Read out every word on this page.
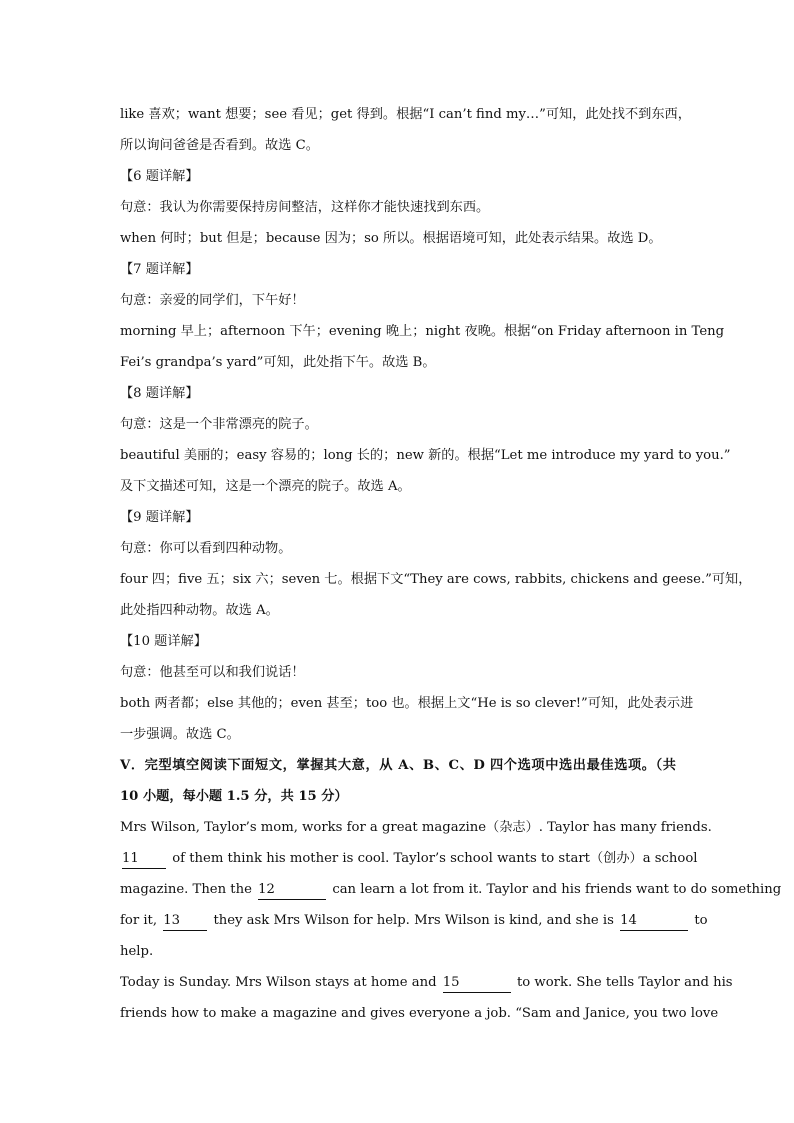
like 喜欢；want 想要；see 看见；get 得到。根据“I can’t find my…”可知，此处找不到东西，
所以询问爸爸是否看到。故选 C。
【6 题详解】
句意：我认为你需要保持房间整洁，这样你才能快速找到东西。
when 何时；but 但是；because 因为；so 所以。根据语境可知，此处表示结果。故选 D。
【7 题详解】
句意：亲爱的同学们，下午好！
morning 早上；afternoon 下午；evening 晚上；night 夜晚。根据“on Friday afternoon in Teng
Fei’s grandpa’s yard”可知，此处指下午。故选 B。
【8 题详解】
句意：这是一个非常漂亮的院子。
beautiful 美丽的；easy 容易的；long 长的；new 新的。根据“Let me introduce my yard to you.”
及下文描述可知，这是一个漂亮的院子。故选 A。
【9 题详解】
句意：你可以看到四种动物。
four 四；five 五；six 六；seven 七。根据下文“They are cows, rabbits, chickens and geese.”可知，
此处指四种动物。故选 A。
【10 题详解】
句意：他甚至可以和我们说话！
both 两者都；else 其他的；even 甚至；too 也。根据上文“He is so clever!”可知，此处表示进
一步强调。故选 C。
Ⅴ．完型填空阅读下面短文，掌握其大意，从 A、B、C、D 四个选项中选出最佳选项。（共
10 小题，每小题 1.5 分，共 15 分）
Mrs Wilson, Taylor’s mom, works for a great magazine（杂志）. Taylor has many friends.
11	of them think his mother is cool. Taylor’s school wants to start（创办）a school
magazine. Then the 12	can learn a lot from it. Taylor and his friends want to do something
for it, 13	they ask Mrs Wilson for help. Mrs Wilson is kind, and she is 14	to
help.
Today is Sunday. Mrs Wilson stays at home and 15	to work. She tells Taylor and his
friends how to make a magazine and gives everyone a job. “Sam and Janice, you two love
